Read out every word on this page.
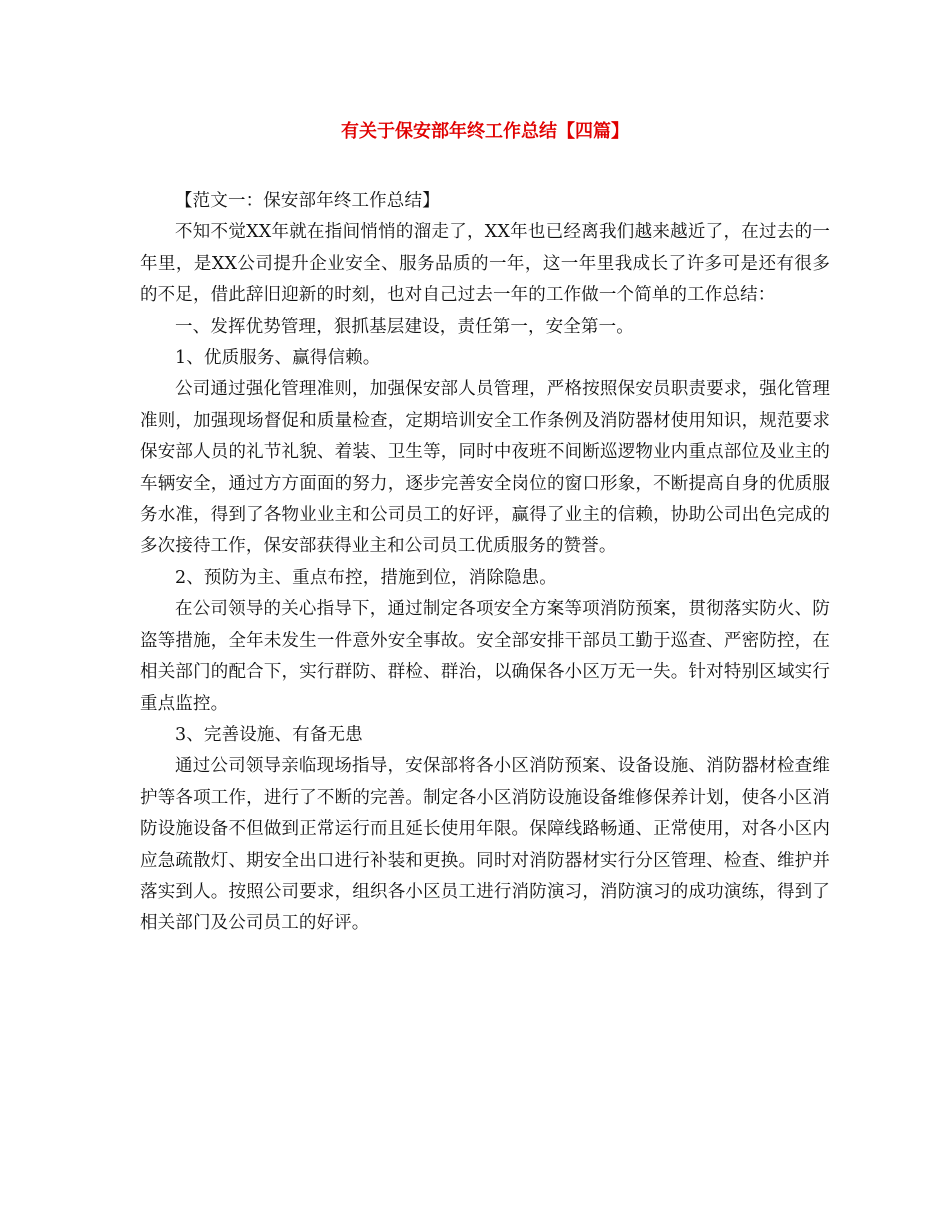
有关于保安部年终工作总结【四篇】

【范文一：保安部年终工作总结】

不知不觉XX年就在指间悄悄的溜走了，XX年也已经离我们越来越近了，在过去的一年里，是XX公司提升企业安全、服务品质的一年，这一年里我成长了许多可是还有很多的不足，借此辞旧迎新的时刻，也对自己过去一年的工作做一个简单的工作总结：

一、发挥优势管理，狠抓基层建设，责任第一，安全第一。

1、优质服务、赢得信赖。

公司通过强化管理准则，加强保安部人员管理，严格按照保安员职责要求，强化管理准则，加强现场督促和质量检查，定期培训安全工作条例及消防器材使用知识，规范要求保安部人员的礼节礼貌、着装、卫生等，同时中夜班不间断巡逻物业内重点部位及业主的车辆安全，通过方方面面的努力，逐步完善安全岗位的窗口形象，不断提高自身的优质服务水准，得到了各物业业主和公司员工的好评，赢得了业主的信赖，协助公司出色完成的多次接待工作，保安部获得业主和公司员工优质服务的赞誉。

2、预防为主、重点布控，措施到位，消除隐患。

在公司领导的关心指导下，通过制定各项安全方案等项消防预案，贯彻落实防火、防盗等措施，全年未发生一件意外安全事故。安全部安排干部员工勤于巡查、严密防控，在相关部门的配合下，实行群防、群检、群治，以确保各小区万无一失。针对特别区域实行重点监控。

3、完善设施、有备无患

通过公司领导亲临现场指导，安保部将各小区消防预案、设备设施、消防器材检查维护等各项工作，进行了不断的完善。制定各小区消防设施设备维修保养计划，使各小区消防设施设备不但做到正常运行而且延长使用年限。保障线路畅通、正常使用，对各小区内应急疏散灯、期安全出口进行补装和更换。同时对消防器材实行分区管理、检查、维护并落实到人。按照公司要求，组织各小区员工进行消防演习，消防演习的成功演练，得到了相关部门及公司员工的好评。
